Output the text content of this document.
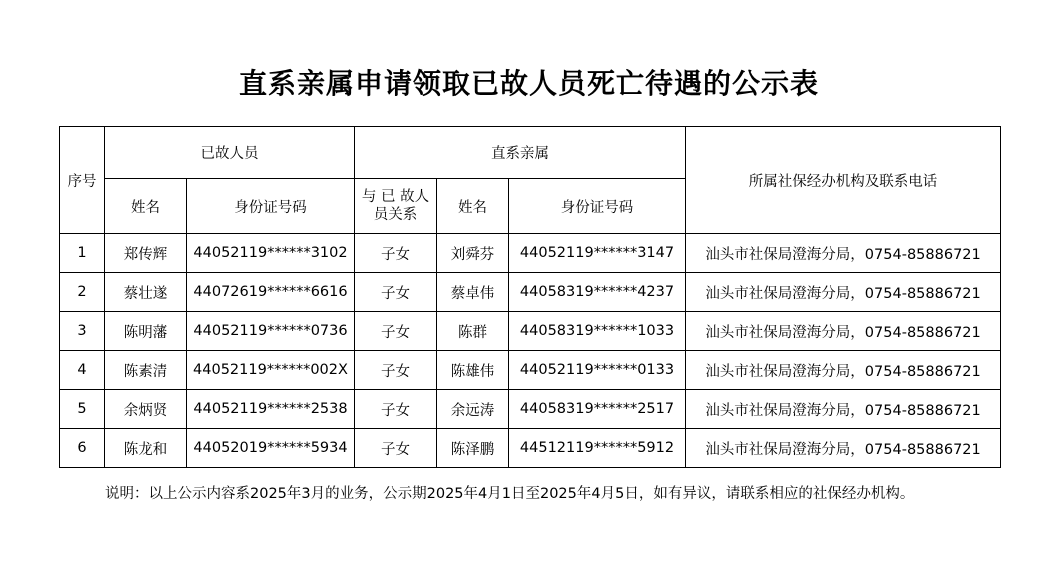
直系亲属申请领取已故人员死亡待遇的公示表
序号	已故人员		直系亲属			所属社保经办机构及联系电话
	姓名	身份证号码	与 已 故人员关系	姓名	身份证号码	
1	郑传辉	44052119******3102	子女	刘舜芬	44052119******3147	汕头市社保局澄海分局，0754-85886721
2	蔡壮遂	44072619******6616	子女	蔡卓伟	44058319******4237	汕头市社保局澄海分局，0754-85886721
3	陈明藩	44052119******0736	子女	陈群	44058319******1033	汕头市社保局澄海分局，0754-85886721
4	陈素清	44052119******002X	子女	陈雄伟	44052119******0133	汕头市社保局澄海分局，0754-85886721
5	余炳贤	44052119******2538	子女	余远涛	44058319******2517	汕头市社保局澄海分局，0754-85886721
6	陈龙和	44052019******5934	子女	陈泽鹏	44512119******5912	汕头市社保局澄海分局，0754-85886721
说明：以上公示内容系2025年3月的业务，公示期2025年4月1日至2025年4月5日，如有异议，请联系相应的社保经办机构。
